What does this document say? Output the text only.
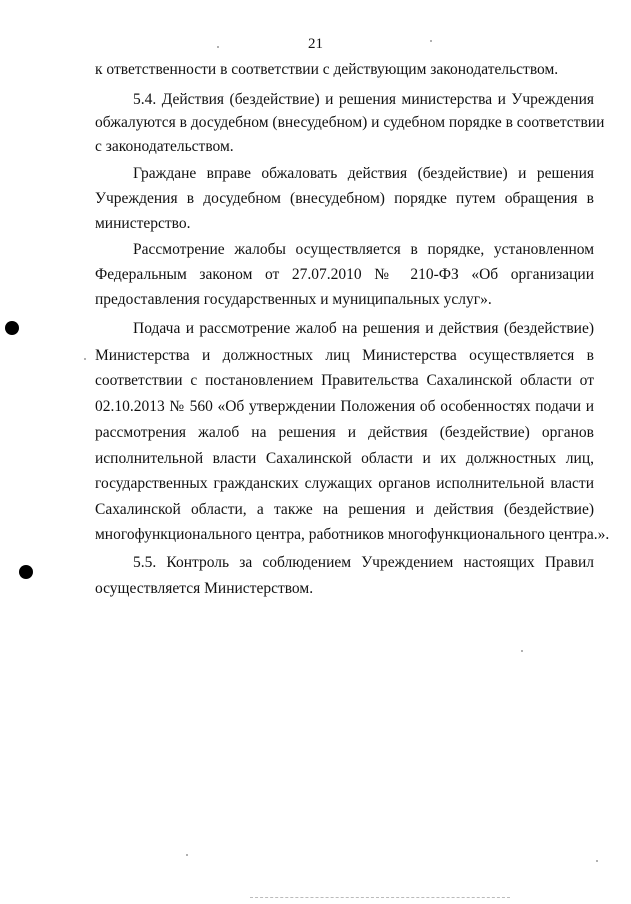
21
к ответственности в соответствии с действующим законодательством.
5.4. Действия (бездействие) и решения министерства и Учреждения
обжалуются в досудебном (внесудебном) и судебном порядке в соответствии
с законодательством.
Граждане вправе обжаловать действия (бездействие) и решения
Учреждения в досудебном (внесудебном) порядке путем обращения в
министерство.
Рассмотрение жалобы осуществляется в порядке, установленном
Федеральным законом от 27.07.2010 № 210-ФЗ «Об организации
предоставления государственных и муниципальных услуг».
Подача и рассмотрение жалоб на решения и действия (бездействие)
Министерства и должностных лиц Министерства осуществляется в
соответствии с постановлением Правительства Сахалинской области от
02.10.2013 № 560 «Об утверждении Положения об особенностях подачи и
рассмотрения жалоб на решения и действия (бездействие) органов
исполнительной власти Сахалинской области и их должностных лиц,
государственных гражданских служащих органов исполнительной власти
Сахалинской области, а также на решения и действия (бездействие)
многофункционального центра, работников многофункционального центра.».
5.5. Контроль за соблюдением Учреждением настоящих Правил
осуществляется Министерством.
